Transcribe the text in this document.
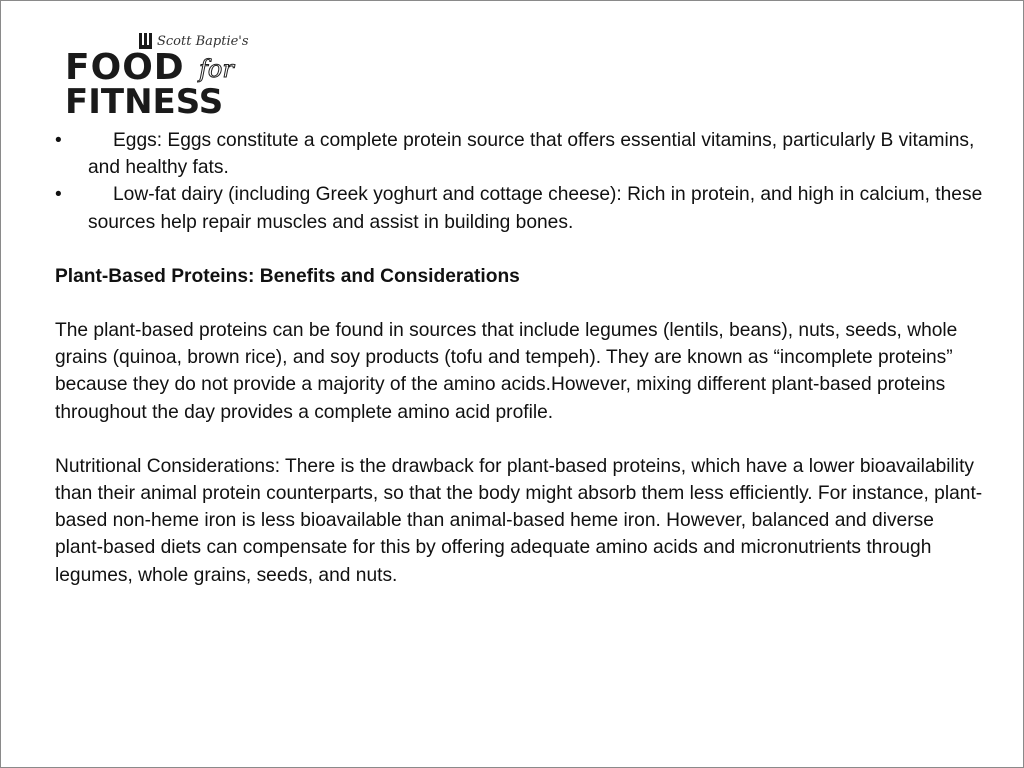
Scott Baptie's
FOOD for
FITNESS
•	Eggs: Eggs constitute a complete protein source that offers essential vitamins, particularly B vitamins, and healthy fats.
•	Low-fat dairy (including Greek yoghurt and cottage cheese): Rich in protein, and high in calcium, these sources help repair muscles and assist in building bones.

Plant-Based Proteins: Benefits and Considerations

The plant-based proteins can be found in sources that include legumes (lentils, beans), nuts, seeds, whole grains (quinoa, brown rice), and soy products (tofu and tempeh). They are known as “incomplete proteins” because they do not provide a majority of the amino acids.However, mixing different plant-based proteins throughout the day provides a complete amino acid profile.

Nutritional Considerations: There is the drawback for plant-based proteins, which have a lower bioavailability than their animal protein counterparts, so that the body might absorb them less efficiently. For instance, plant-based non-heme iron is less bioavailable than animal-based heme iron. However, balanced and diverse plant-based diets can compensate for this by offering adequate amino acids and micronutrients through legumes, whole grains, seeds, and nuts.
